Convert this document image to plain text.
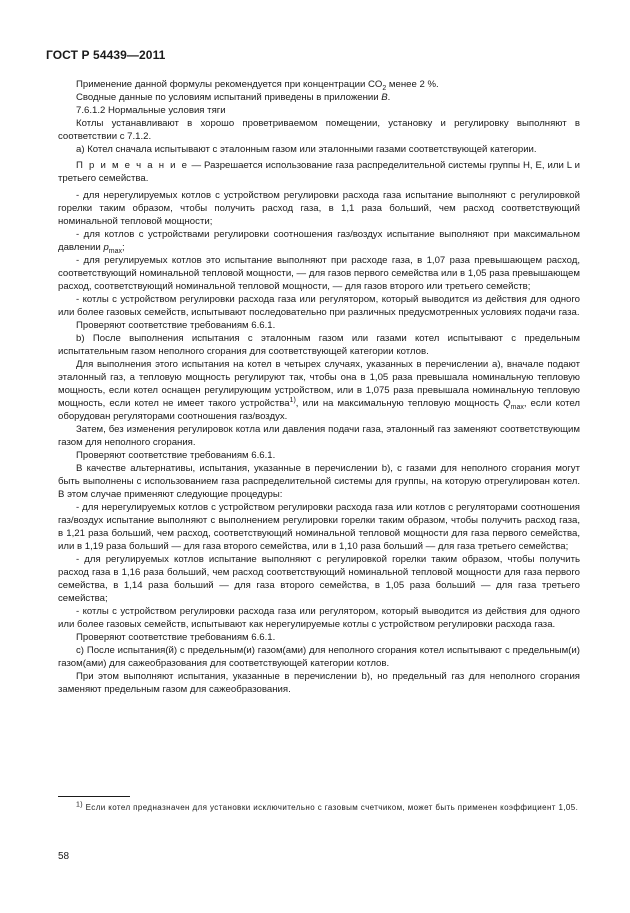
ГОСТ Р 54439—2011

Применение данной формулы рекомендуется при концентрации $CO_2$ менее 2 %.

Сводные данные по условиям испытаний приведены в приложении B.

7.6.1.2 Нормальные условия тяги

Котлы устанавливают в хорошо проветриваемом помещении, установку и регулировку выполняют в соответствии с 7.1.2.

а) Котел сначала испытывают с эталонным газом или эталонными газами соответствующей категории.

П р и м е ч а н и е — Разрешается использование газа распределительной системы группы H, E, или L и третьего семейства.

- для нерегулируемых котлов с устройством регулировки расхода газа испытание выполняют с регулировкой горелки таким образом, чтобы получить расход газа, в 1,1 раза больший, чем расход соответствующий номинальной тепловой мощности;

- для котлов с устройствами регулировки соотношения газ/воздух испытание выполняют при максимальном давлении $p_{max}$;

- для регулируемых котлов это испытание выполняют при расходе газа, в 1,07 раза превышающем расход, соответствующий номинальной тепловой мощности, — для газов первого семейства или в 1,05 раза превышающем расход, соответствующий номинальной тепловой мощности, — для газов второго или третьего семейств;

- котлы с устройством регулировки расхода газа или регулятором, который выводится из действия для одного или более газовых семейств, испытывают последовательно при различных предусмотренных условиях подачи газа.

Проверяют соответствие требованиям 6.6.1.

b) После выполнения испытания с эталонным газом или газами котел испытывают с предельным испытательным газом неполного сгорания для соответствующей категории котлов.

Для выполнения этого испытания на котел в четырех случаях, указанных в перечислении а), вначале подают эталонный газ, а тепловую мощность регулируют так, чтобы она в 1,05 раза превышала номинальную тепловую мощность, если котел оснащен регулирующим устройством, или в 1,075 раза превышала номинальную тепловую мощность, если котел не имеет такого устройства$^{1)}$, или на максимальную тепловую мощность $Q_{max}$, если котел оборудован регуляторами соотношения газ/воздух.

Затем, без изменения регулировок котла или давления подачи газа, эталонный газ заменяют соответствующим газом для неполного сгорания.

Проверяют соответствие требованиям 6.6.1.

В качестве альтернативы, испытания, указанные в перечислении b), с газами для неполного сгорания могут быть выполнены с использованием газа распределительной системы для группы, на которую отрегулирован котел. В этом случае применяют следующие процедуры:

- для нерегулируемых котлов с устройством регулировки расхода газа или котлов с регуляторами соотношения газ/воздух испытание выполняют с выполнением регулировки горелки таким образом, чтобы получить расход газа, в 1,21 раза больший, чем расход, соответствующий номинальной тепловой мощности для газа первого семейства, или в 1,19 раза больший — для газа второго семейства, или в 1,10 раза больший — для газа третьего семейства;

- для регулируемых котлов испытание выполняют с регулировкой горелки таким образом, чтобы получить расход газа в 1,16 раза больший, чем расход соответствующий номинальной тепловой мощности для газа первого семейства, в 1,14 раза больший — для газа второго семейства, в 1,05 раза больший — для газа третьего семейства;

- котлы с устройством регулировки расхода газа или регулятором, который выводится из действия для одного или более газовых семейств, испытывают как нерегулируемые котлы с устройством регулировки расхода газа.

Проверяют соответствие требованиям 6.6.1.

с) После испытания(й) с предельным(и) газом(ами) для неполного сгорания котел испытывают с предельным(и) газом(ами) для сажеобразования для соответствующей категории котлов.

При этом выполняют испытания, указанные в перечислении b), но предельный газ для неполного сгорания заменяют предельным газом для сажеобразования.

$^{1)}$ Если котел предназначен для установки исключительно с газовым счетчиком, может быть применен коэффициент 1,05.
58
